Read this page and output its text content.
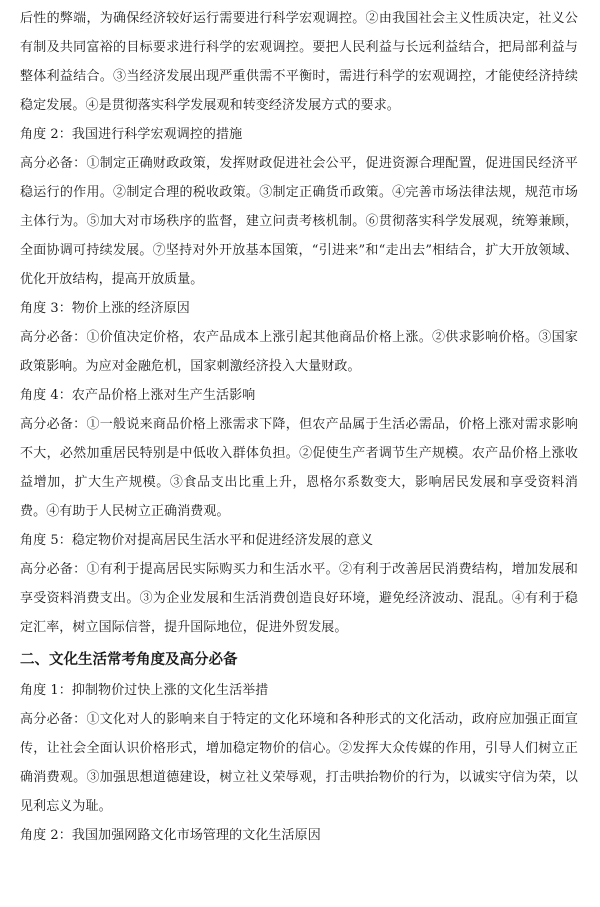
后性的弊端，为确保经济较好运行需要进行科学宏观调控。②由我国社会主义性质决定，社义公有制及共同富裕的目标要求进行科学的宏观调控。要把人民利益与长远利益结合，把局部利益与整体利益结合。③当经济发展出现严重供需不平衡时，需进行科学的宏观调控，才能使经济持续稳定发展。④是贯彻落实科学发展观和转变经济发展方式的要求。

角度 2：我国进行科学宏观调控的措施

高分必备：①制定正确财政政策，发挥财政促进社会公平，促进资源合理配置，促进国民经济平稳运行的作用。②制定合理的税收政策。③制定正确货币政策。④完善市场法律法规，规范市场主体行为。⑤加大对市场秩序的监督，建立问责考核机制。⑥贯彻落实科学发展观，统筹兼顾，全面协调可持续发展。⑦坚持对外开放基本国策，“引进来”和“走出去”相结合，扩大开放领域、优化开放结构，提高开放质量。

角度 3：物价上涨的经济原因

高分必备：①价值决定价格，农产品成本上涨引起其他商品价格上涨。②供求影响价格。③国家政策影响。为应对金融危机，国家刺激经济投入大量财政。

角度 4：农产品价格上涨对生产生活影响

高分必备：①一般说来商品价格上涨需求下降，但农产品属于生活必需品，价格上涨对需求影响不大，必然加重居民特别是中低收入群体负担。②促使生产者调节生产规模。农产品价格上涨收益增加，扩大生产规模。③食品支出比重上升，恩格尔系数变大，影响居民发展和享受资料消费。④有助于人民树立正确消费观。

角度 5：稳定物价对提高居民生活水平和促进经济发展的意义

高分必备：①有利于提高居民实际购买力和生活水平。②有利于改善居民消费结构，增加发展和享受资料消费支出。③为企业发展和生活消费创造良好环境，避免经济波动、混乱。④有利于稳定汇率，树立国际信誉，提升国际地位，促进外贸发展。

二、文化生活常考角度及高分必备

角度 1：抑制物价过快上涨的文化生活举措

高分必备：①文化对人的影响来自于特定的文化环境和各种形式的文化活动，政府应加强正面宣传，让社会全面认识价格形式，增加稳定物价的信心。②发挥大众传媒的作用，引导人们树立正确消费观。③加强思想道德建设，树立社义荣辱观，打击哄抬物价的行为，以诚实守信为荣，以见利忘义为耻。

角度 2：我国加强网路文化市场管理的文化生活原因
